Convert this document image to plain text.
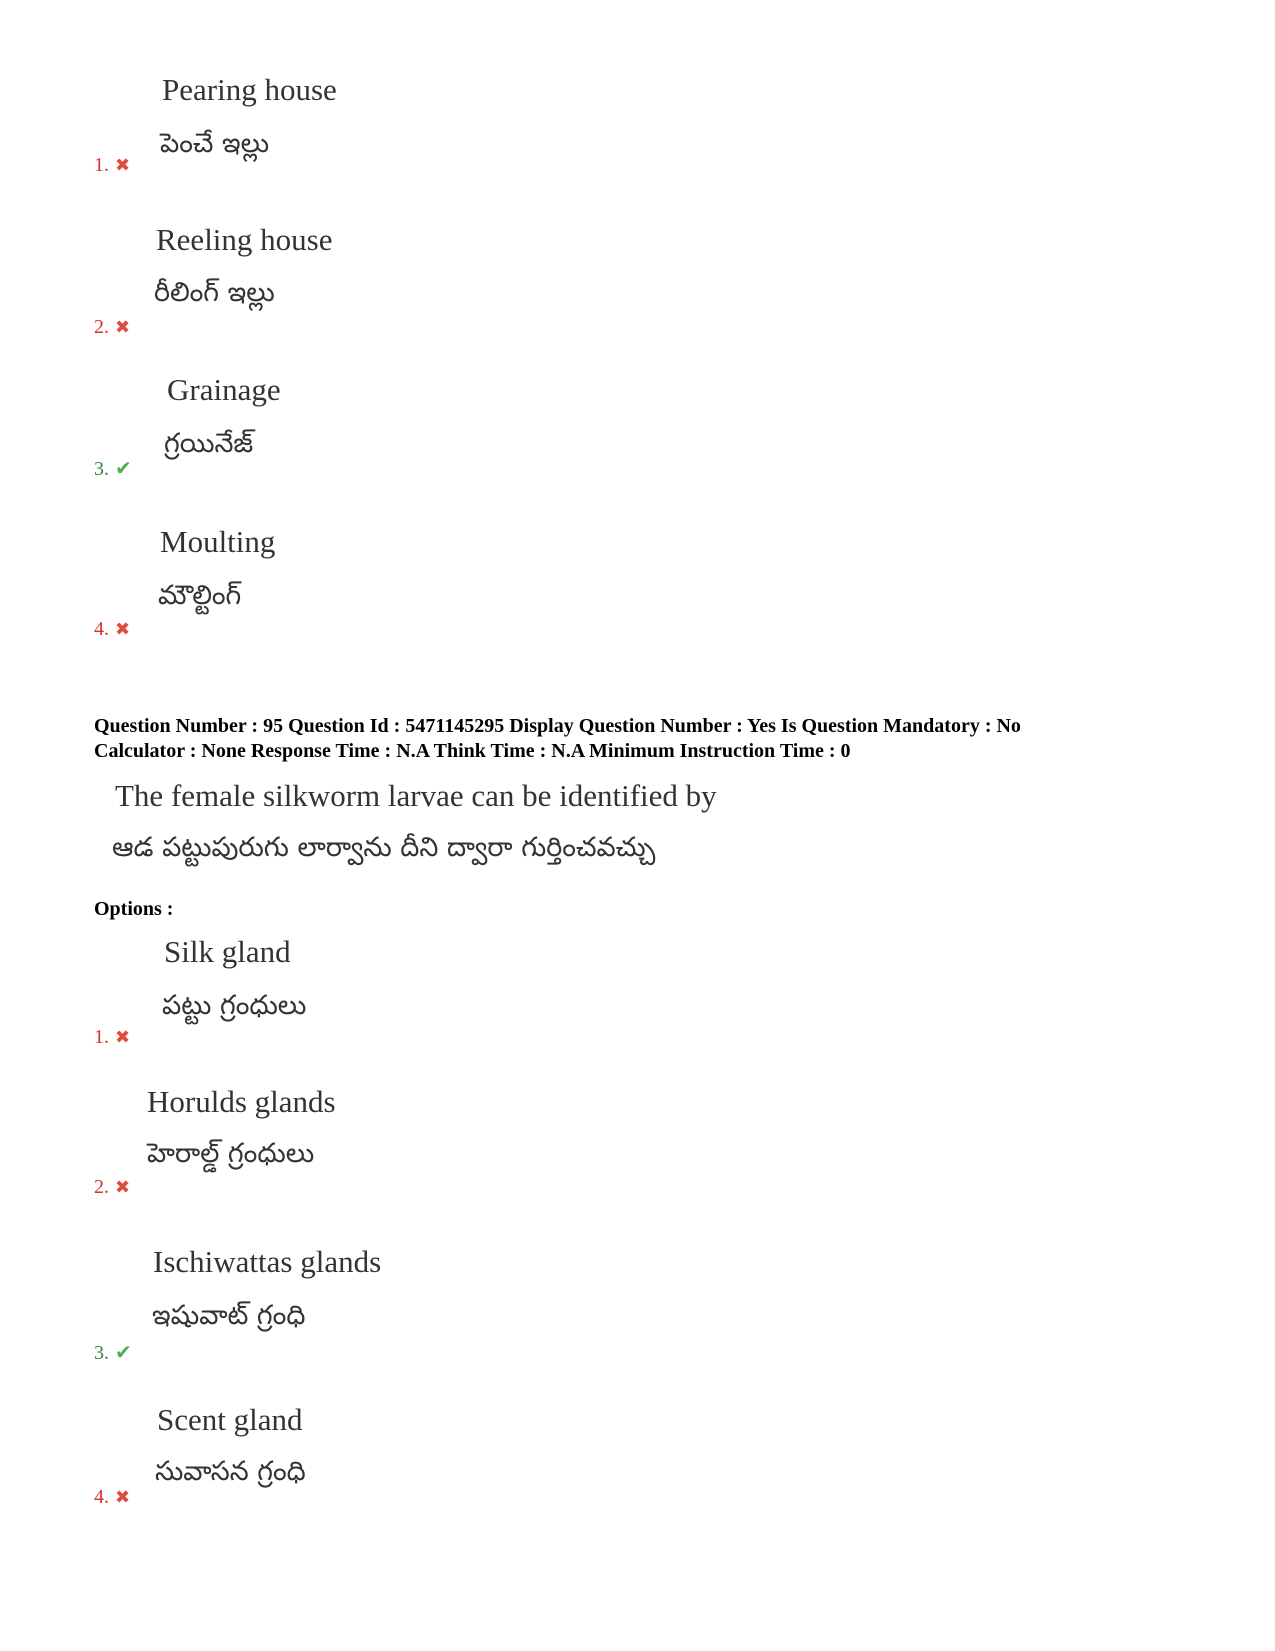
Pearing house
పెంచే ఇల్లు
1. ✖
Reeling house
రీలింగ్ ఇల్లు
2. ✖
Grainage
గ్రయినేజ్
3. ✔
Moulting
మౌల్టింగ్
4. ✖
Question Number : 95 Question Id : 5471145295 Display Question Number : Yes Is Question Mandatory : No
Calculator : None Response Time : N.A Think Time : N.A Minimum Instruction Time : 0
The female silkworm larvae can be identified by
ఆడ పట్టుపురుగు లార్వాను దీని ద్వారా గుర్తించవచ్చు
Options :
Silk gland
పట్టు గ్రంధులు
1. ✖
Horulds glands
హెరాల్డ్ గ్రంధులు
2. ✖
Ischiwattas glands
ఇషువాట్ గ్రంధి
3. ✔
Scent gland
సువాసన గ్రంధి
4. ✖
